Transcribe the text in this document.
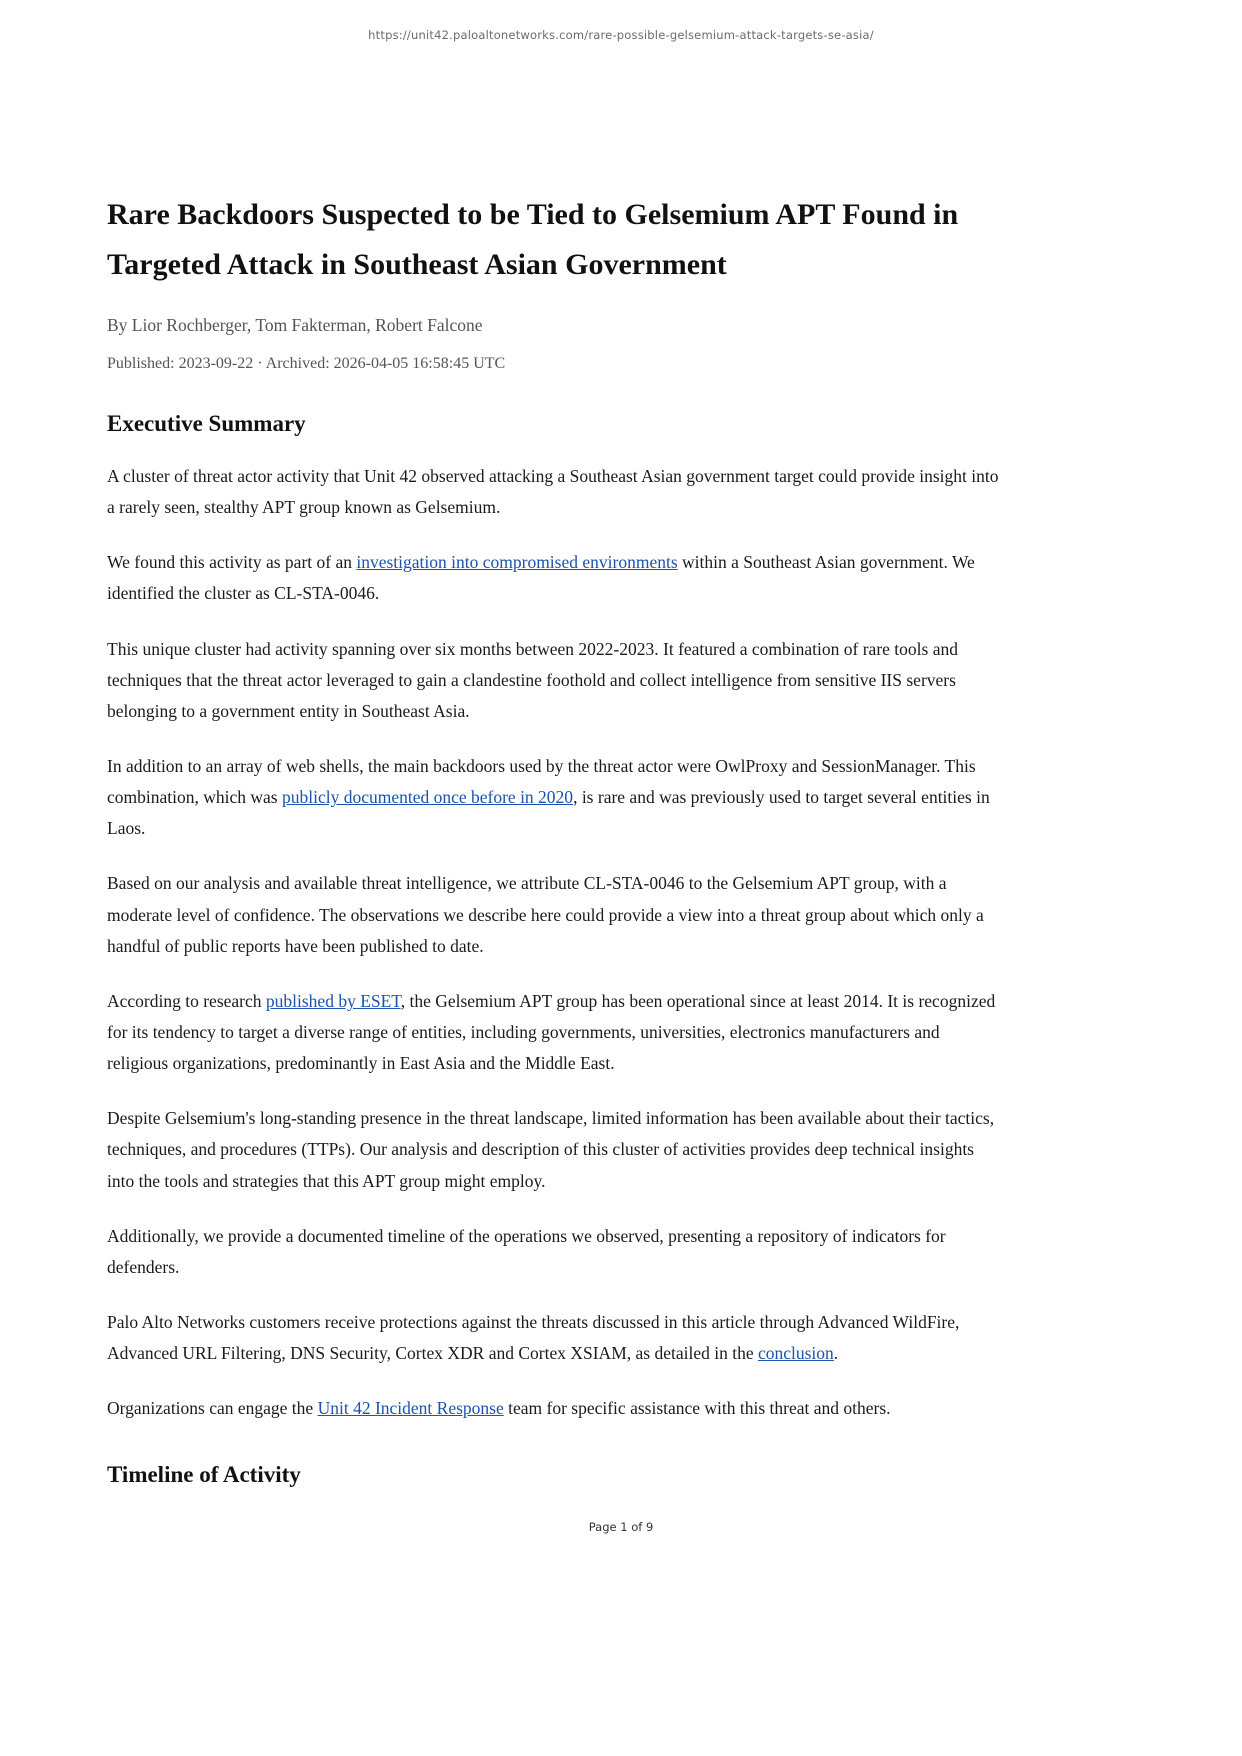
https://unit42.paloaltonetworks.com/rare-possible-gelsemium-attack-targets-se-asia/
Rare Backdoors Suspected to be Tied to Gelsemium APT Found in Targeted Attack in Southeast Asian Government
By Lior Rochberger, Tom Fakterman, Robert Falcone
Published: 2023-09-22 · Archived: 2026-04-05 16:58:45 UTC
Executive Summary

A cluster of threat actor activity that Unit 42 observed attacking a Southeast Asian government target could provide insight into a rarely seen, stealthy APT group known as Gelsemium.

We found this activity as part of an investigation into compromised environments within a Southeast Asian government. We identified the cluster as CL-STA-0046.

This unique cluster had activity spanning over six months between 2022-2023. It featured a combination of rare tools and techniques that the threat actor leveraged to gain a clandestine foothold and collect intelligence from sensitive IIS servers belonging to a government entity in Southeast Asia.

In addition to an array of web shells, the main backdoors used by the threat actor were OwlProxy and SessionManager. This combination, which was publicly documented once before in 2020, is rare and was previously used to target several entities in Laos.

Based on our analysis and available threat intelligence, we attribute CL-STA-0046 to the Gelsemium APT group, with a moderate level of confidence. The observations we describe here could provide a view into a threat group about which only a handful of public reports have been published to date.

According to research published by ESET, the Gelsemium APT group has been operational since at least 2014. It is recognized for its tendency to target a diverse range of entities, including governments, universities, electronics manufacturers and religious organizations, predominantly in East Asia and the Middle East.

Despite Gelsemium's long-standing presence in the threat landscape, limited information has been available about their tactics, techniques, and procedures (TTPs). Our analysis and description of this cluster of activities provides deep technical insights into the tools and strategies that this APT group might employ.

Additionally, we provide a documented timeline of the operations we observed, presenting a repository of indicators for defenders.

Palo Alto Networks customers receive protections against the threats discussed in this article through Advanced WildFire, Advanced URL Filtering, DNS Security, Cortex XDR and Cortex XSIAM, as detailed in the conclusion.

Organizations can engage the Unit 42 Incident Response team for specific assistance with this threat and others.

Timeline of Activity
Page 1 of 9
